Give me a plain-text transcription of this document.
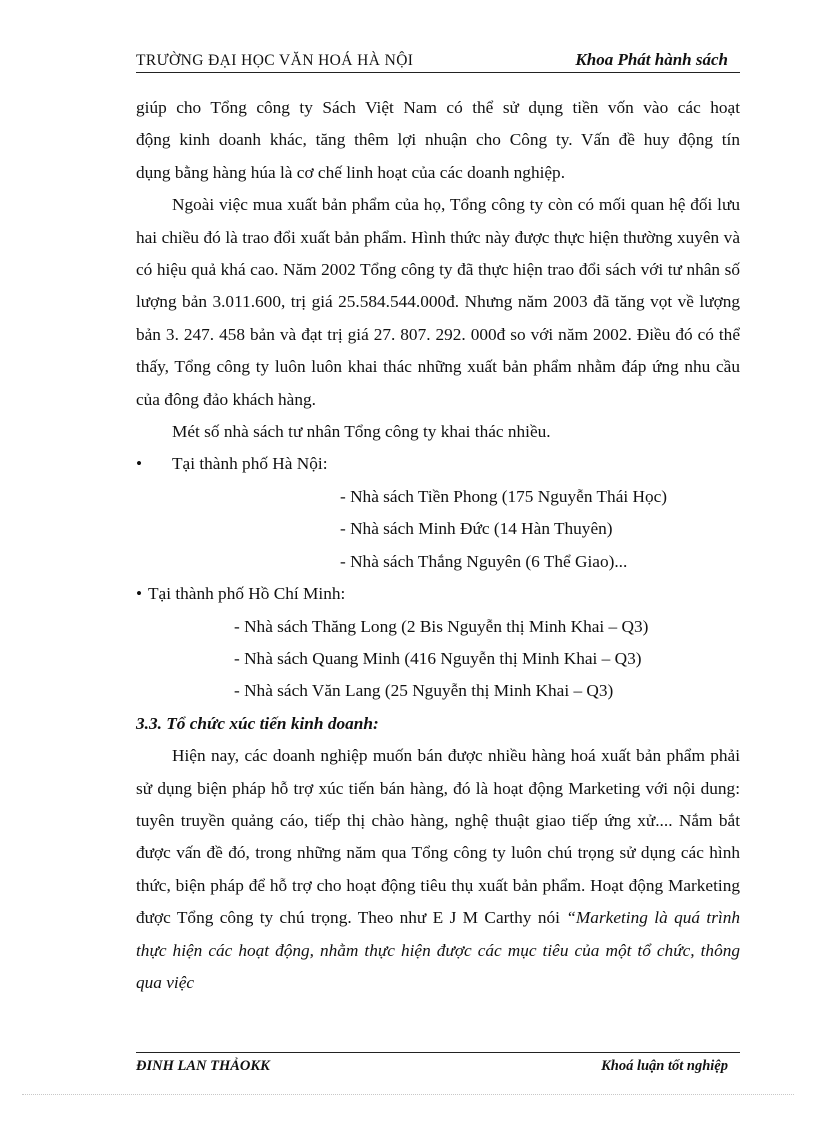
TRƯỜNG ĐẠI HỌC VĂN HOÁ HÀ NỘI	Khoa Phát hành sách

giúp cho Tổng công ty Sách Việt Nam có thể sử dụng tiền vốn vào các hoạt

động kinh doanh khác, tăng thêm lợi nhuận cho Công ty. Vấn đề huy động tín

dụng bằng hàng húa là cơ chế linh hoạt của các doanh nghiệp.

Ngoài việc mua xuất bản phẩm của họ, Tổng công ty còn có mối quan hệ đối lưu hai chiều đó là trao đổi xuất bản phẩm. Hình thức này được thực hiện thường xuyên và có hiệu quả khá cao. Năm 2002 Tổng công ty đã thực hiện trao đổi sách với tư nhân số lượng bản 3.011.600, trị giá 25.584.544.000đ. Nhưng năm 2003 đã tăng vọt về lượng bản 3. 247. 458 bản và đạt trị giá 27. 807. 292. 000đ so với năm 2002. Điều đó có thể thấy, Tổng công ty luôn luôn khai thác những xuất bản phẩm nhằm đáp ứng nhu cầu của đông đảo khách hàng.

Mét số nhà sách tư nhân Tổng công ty khai thác nhiều.

• Tại thành phố Hà Nội:

- Nhà sách Tiền Phong (175 Nguyễn Thái Học)

- Nhà sách Minh Đức (14 Hàn Thuyên)

- Nhà sách Thắng Nguyên (6 Thể Giao)...

• Tại thành phố Hồ Chí Minh:

- Nhà sách Thăng Long (2 Bis Nguyễn thị Minh Khai – Q3)

- Nhà sách Quang Minh (416 Nguyễn thị Minh Khai – Q3)

- Nhà sách Văn Lang (25 Nguyễn thị Minh Khai – Q3)

3.3. Tổ chức xúc tiến kinh doanh:

Hiện nay, các doanh nghiệp muốn bán được nhiều hàng hoá xuất bản phẩm phải sử dụng biện pháp hỗ trợ xúc tiến bán hàng, đó là hoạt động Marketing với nội dung: tuyên truyền quảng cáo, tiếp thị chào hàng, nghệ thuật giao tiếp ứng xử.... Nắm bắt được vấn đề đó, trong những năm qua Tổng công ty luôn chú trọng sử dụng các hình thức, biện pháp để hỗ trợ cho hoạt động tiêu thụ xuất bản phẩm. Hoạt động Marketing được Tổng công ty chú trọng. Theo như E J M Carthy nói “Marketing là quá trình thực hiện các hoạt động, nhằm thực hiện được các mục tiêu của một tổ chức, thông qua việc

ĐINH LAN THẢOKK	Khoá luận tốt nghiệp
